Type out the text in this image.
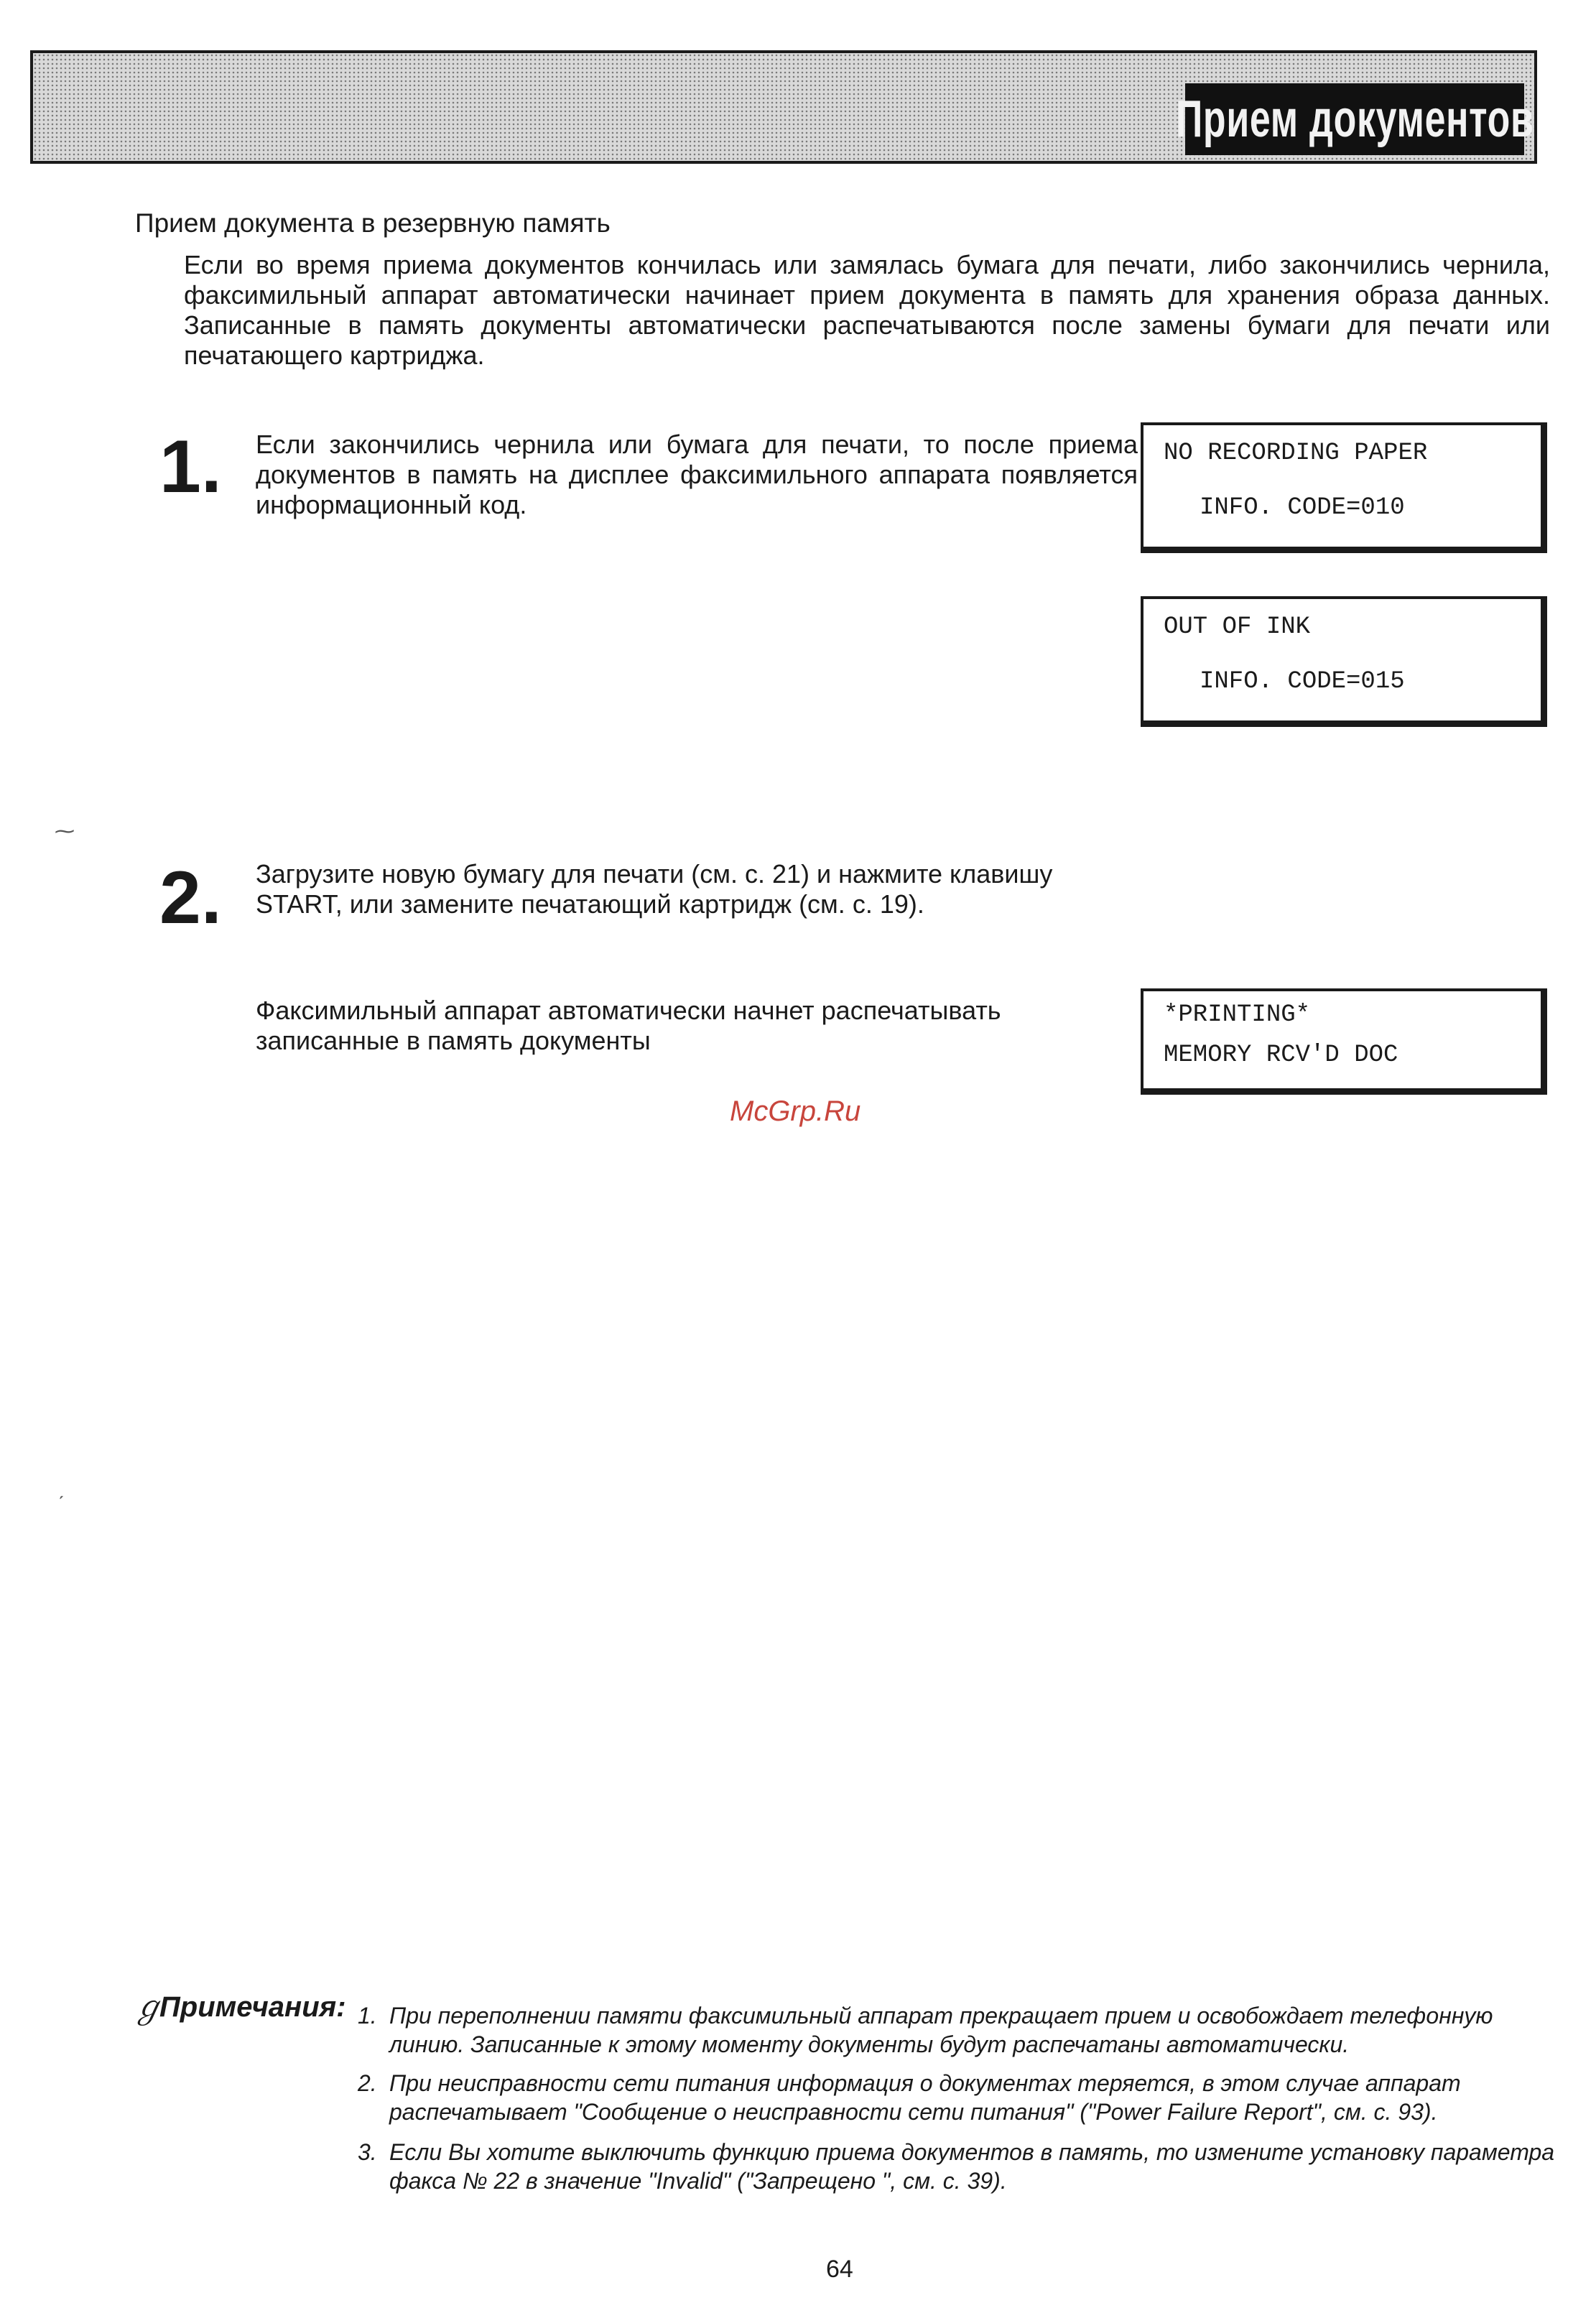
Прием документов
Прием документа в резервную память
Если во время приема документов кончилась или замялась бумага для печати, либо закончились чернила, факсимильный аппарат автоматически начинает прием документа в память для хранения образа данных. Записанные в память документы автоматически распечатываются после замены бумаги для печати или печатающего картриджа.
1. Если закончились чернила или бумага для печати, то после приема документов в память на дисплее факсимильного аппарата появляется информационный код.
NO RECORDING PAPER
INFO. CODE=010
OUT OF INK
INFO. CODE=015
2. Загрузите новую бумагу для печати (см. с. 21) и нажмите клавишу START, или замените печатающий картридж (см. с. 19).
Факсимильный аппарат автоматически начнет распечатывать записанные в память документы
*PRINTING*
MEMORY RCV'D DOC
McGrp.Ru
⁓
ˏ
ℊ
Примечания: 1. При переполнении памяти факсимильный аппарат прекращает прием и освобождает телефонную линию. Записанные к этому моменту документы будут распечатаны автоматически.
2. При неисправности сети питания информация о документах теряется, в этом случае аппарат распечатывает "Сообщение о неисправности сети питания" ("Power Failure Report", см. с. 93).
3. Если Вы хотите выключить функцию приема документов в память, то измените установку параметра факса № 22 в значение "Invalid" ("Запрещено ", см. с. 39).
64
